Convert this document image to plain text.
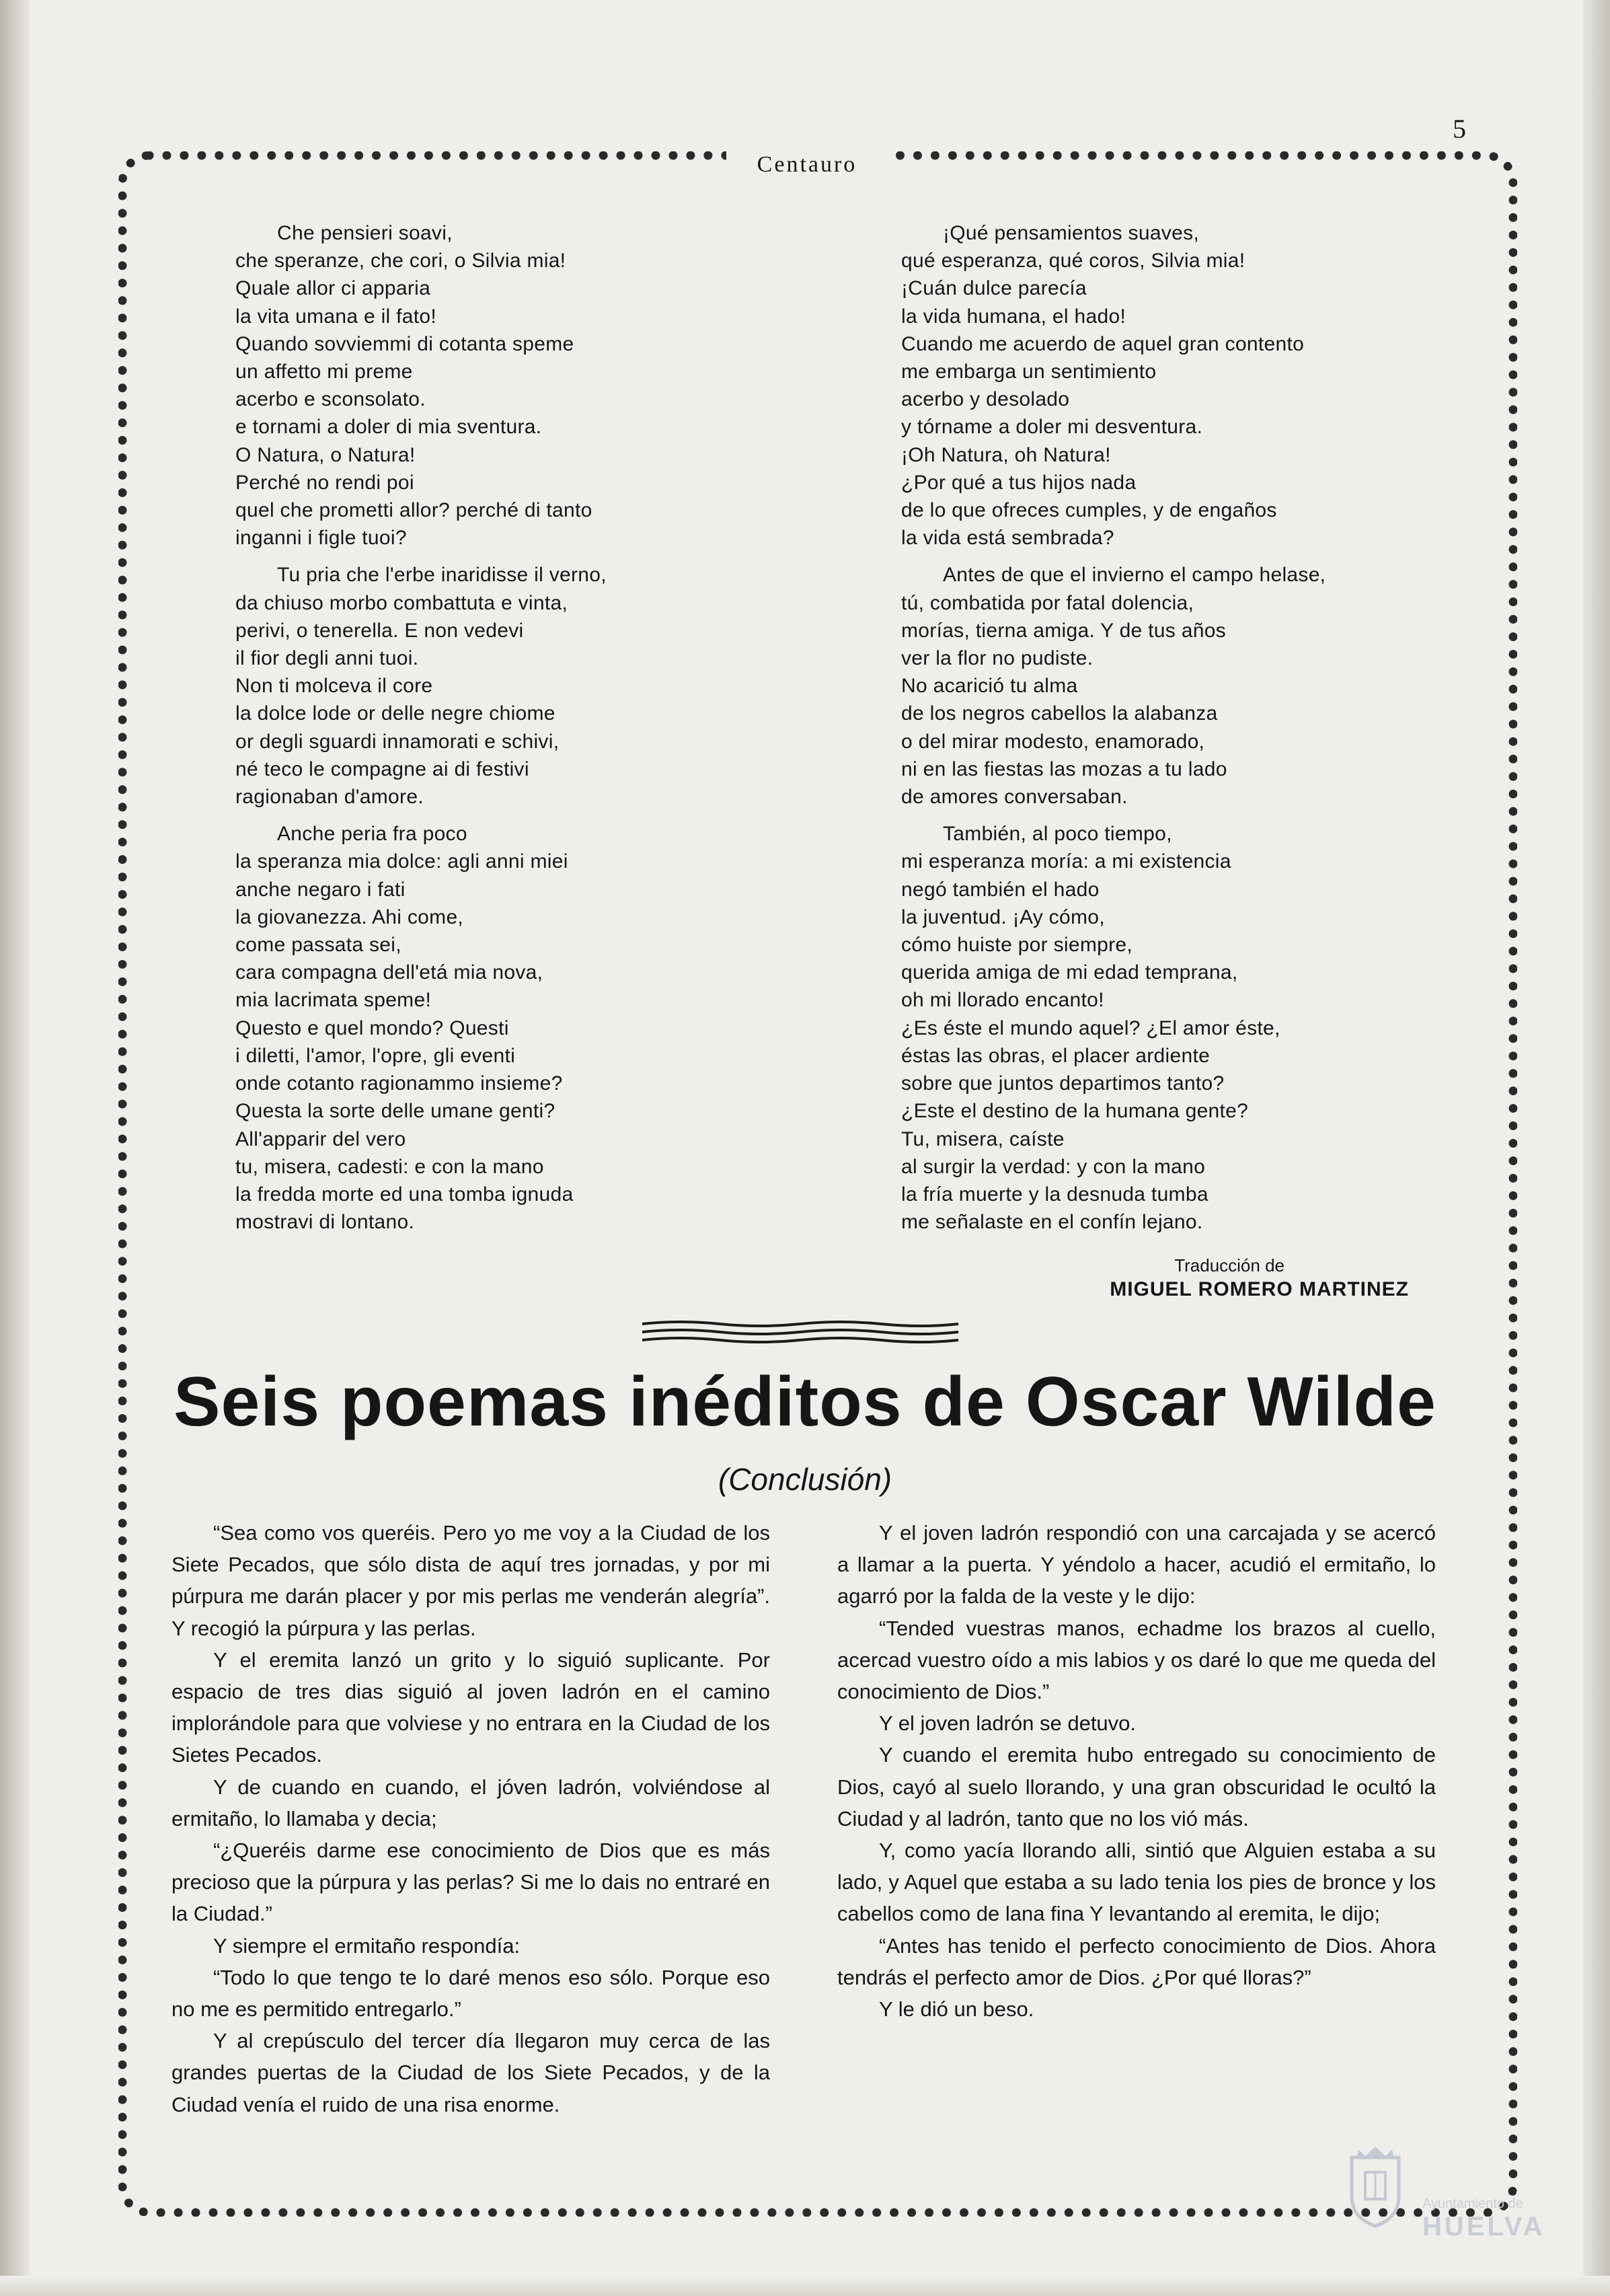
Centauro
5
Che pensieri soavi,
che speranze, che cori, o Silvia mia!
Quale allor ci apparia
la vita umana e il fato!
Quando sovviemmi di cotanta speme
un affetto mi preme
acerbo e sconsolato.
e tornami a doler di mia sventura.
O Natura, o Natura!
Perché no rendi poi
quel che prometti allor? perché di tanto
inganni i figle tuoi?
Tu pria che l'erbe inaridisse il verno,
da chiuso morbo combattuta e vinta,
perivi, o tenerella. E non vedevi
il fior degli anni tuoi.
Non ti molceva il core
la dolce lode or delle negre chiome
or degli sguardi innamorati e schivi,
né teco le compagne ai di festivi
ragionaban d'amore.
Anche peria fra poco
la speranza mia dolce: agli anni miei
anche negaro i fati
la giovanezza. Ahi come,
come passata sei,
cara compagna dell'etá mia nova,
mia lacrimata speme!
Questo e quel mondo? Questi
i diletti, l'amor, l'opre, gli eventi
onde cotanto ragionammo insieme?
Questa la sorte delle umane genti?
All'apparir del vero
tu, misera, cadesti: e con la mano
la fredda morte ed una tomba ignuda
mostravi di lontano.
¡Qué pensamientos suaves,
qué esperanza, qué coros, Silvia mia!
¡Cuán dulce parecía
la vida humana, el hado!
Cuando me acuerdo de aquel gran contento
me embarga un sentimiento
acerbo y desolado
y tórname a doler mi desventura.
¡Oh Natura, oh Natura!
¿Por qué a tus hijos nada
de lo que ofreces cumples, y de engaños
la vida está sembrada?
Antes de que el invierno el campo helase,
tú, combatida por fatal dolencia,
morías, tierna amiga. Y de tus años
ver la flor no pudiste.
No acarició tu alma
de los negros cabellos la alabanza
o del mirar modesto, enamorado,
ni en las fiestas las mozas a tu lado
de amores conversaban.
También, al poco tiempo,
mi esperanza moría: a mi existencia
negó también el hado
la juventud. ¡Ay cómo,
cómo huiste por siempre,
querida amiga de mi edad temprana,
oh mi llorado encanto!
¿Es éste el mundo aquel? ¿El amor éste,
éstas las obras, el placer ardiente
sobre que juntos departimos tanto?
¿Este el destino de la humana gente?
Tu, misera, caíste
al surgir la verdad: y con la mano
la fría muerte y la desnuda tumba
me señalaste en el confín lejano.
Traducción de
MIGUEL ROMERO MARTINEZ
Seis poemas inéditos de Oscar Wilde
(Conclusión)

“Sea como vos queréis. Pero yo me voy a la Ciudad de los Siete Pecados, que sólo dista de aquí tres jornadas, y por mi púrpura me darán placer y por mis perlas me venderán alegría”. Y recogió la púrpura y las perlas.

Y el eremita lanzó un grito y lo siguió suplicante. Por espacio de tres dias siguió al joven ladrón en el camino implorándole para que volviese y no entrara en la Ciudad de los Sietes Pecados.

Y de cuando en cuando, el jóven ladrón, volviéndose al ermitaño, lo llamaba y decia;

“¿Queréis darme ese conocimiento de Dios que es más precioso que la púrpura y las perlas? Si me lo dais no entraré en la Ciudad.”

Y siempre el ermitaño respondía:

“Todo lo que tengo te lo daré menos eso sólo. Porque eso no me es permitido entregarlo.”

Y al crepúsculo del tercer día llegaron muy cerca de las grandes puertas de la Ciudad de los Siete Pecados, y de la Ciudad venía el ruido de una risa enorme.

Y el joven ladrón respondió con una carcajada y se acercó a llamar a la puerta. Y yéndolo a hacer, acudió el ermitaño, lo agarró por la falda de la veste y le dijo:

“Tended vuestras manos, echadme los brazos al cuello, acercad vuestro oído a mis labios y os daré lo que me queda del conocimiento de Dios.”

Y el joven ladrón se detuvo.

Y cuando el eremita hubo entregado su conocimiento de Dios, cayó al suelo llorando, y una gran obscuridad le ocultó la Ciudad y al ladrón, tanto que no los vió más.

Y, como yacía llorando alli, sintió que Alguien estaba a su lado, y Aquel que estaba a su lado tenia los pies de bronce y los cabellos como de lana fina Y levantando al eremita, le dijo;

“Antes has tenido el perfecto conocimiento de Dios. Ahora tendrás el perfecto amor de Dios. ¿Por qué lloras?”

Y le dió un beso.

Ayuntamiento de
HUELVA
